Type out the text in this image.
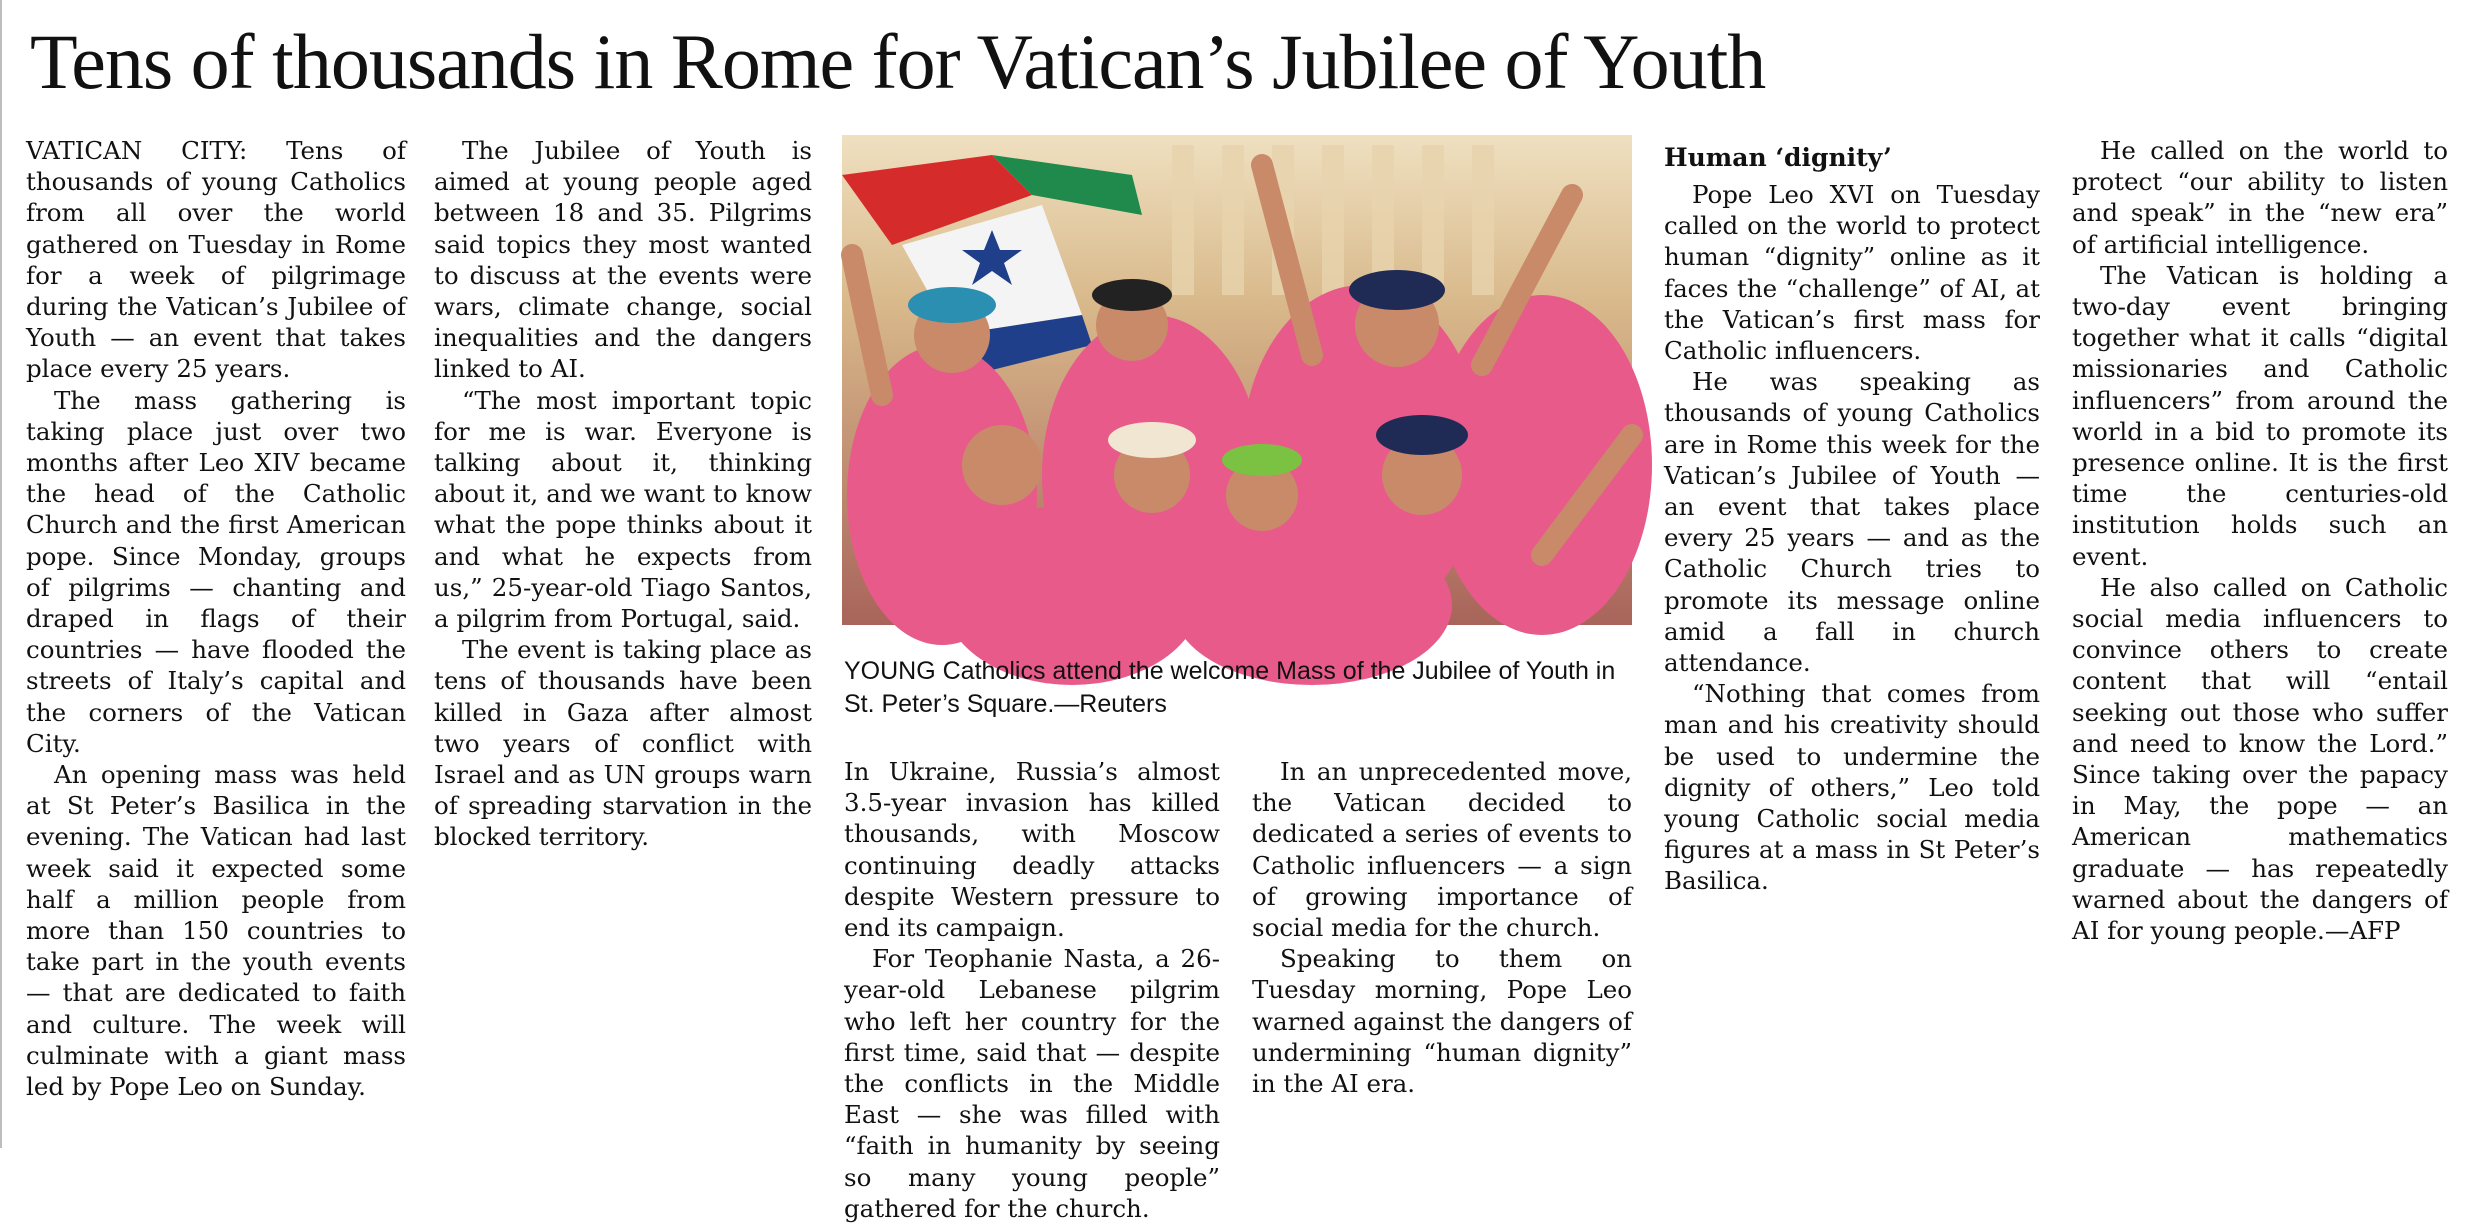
Tens of thousands in Rome for Vatican’s Jubilee of Youth

VATICAN CITY: Tens of thousands of young Catholics from all over the world gathered on Tuesday in Rome for a week of pilgrimage during the Vatican’s Jubilee of Youth — an event that takes place every 25 years.

The mass gathering is taking place just over two months after Leo XIV became the head of the Catholic Church and the first American pope. Since Monday, groups of pilgrims — chanting and draped in flags of their countries — have flooded the streets of Italy’s capital and the corners of the Vatican City.

An opening mass was held at St Peter’s Basilica in the evening. The Vatican had last week said it expected some half a million people from more than 150 countries to take part in the youth events — that are dedicated to faith and culture. The week will culminate with a giant mass led by Pope Leo on Sunday.

The Jubilee of Youth is aimed at young people aged between 18 and 35. Pilgrims said topics they most wanted to discuss at the events were wars, climate change, social inequalities and the dangers linked to AI.

“The most important topic for me is war. Everyone is talking about it, thinking about it, and we want to know what the pope thinks about it and what he expects from us,” 25-year-old Tiago Santos, a pilgrim from Portugal, said.

The event is taking place as tens of thousands have been killed in Gaza after almost two years of conflict with Israel and as UN groups warn of spreading starvation in the blocked territory.

YOUNG Catholics attend the welcome Mass of the Jubilee of Youth in St. Peter’s Square.—Reuters

In Ukraine, Russia’s almost 3.5-year invasion has killed thousands, with Moscow continuing deadly attacks despite Western pressure to end its campaign.

For Teophanie Nasta, a 26-year-old Lebanese pilgrim who left her country for the first time, said that — despite the conflicts in the Middle East — she was filled with “faith in humanity by seeing so many young people” gathered for the church.

In an unprecedented move, the Vatican decided to dedicated a series of events to Catholic influencers — a sign of growing importance of social media for the church.

Speaking to them on Tuesday morning, Pope Leo warned against the dangers of undermining “human dignity” in the AI era.

Human ‘dignity’

Pope Leo XVI on Tuesday called on the world to protect human “dignity” online as it faces the “challenge” of AI, at the Vatican’s first mass for Catholic influencers.

He was speaking as thousands of young Catholics are in Rome this week for the Vatican’s Jubilee of Youth — an event that takes place every 25 years — and as the Catholic Church tries to promote its message online amid a fall in church attendance.

“Nothing that comes from man and his creativity should be used to undermine the dignity of others,” Leo told young Catholic social media figures at a mass in St Peter’s Basilica.

He called on the world to protect “our ability to listen and speak” in the “new era” of artificial intelligence.

The Vatican is holding a two-day event bringing together what it calls “digital missionaries and Catholic influencers” from around the world in a bid to promote its presence online. It is the first time the centuries-old institution holds such an event.

He also called on Catholic social media influencers to convince others to create content that will “entail seeking out those who suffer and need to know the Lord.” Since taking over the papacy in May, the pope — an American mathematics graduate — has repeatedly warned about the dangers of AI for young people.—AFP
